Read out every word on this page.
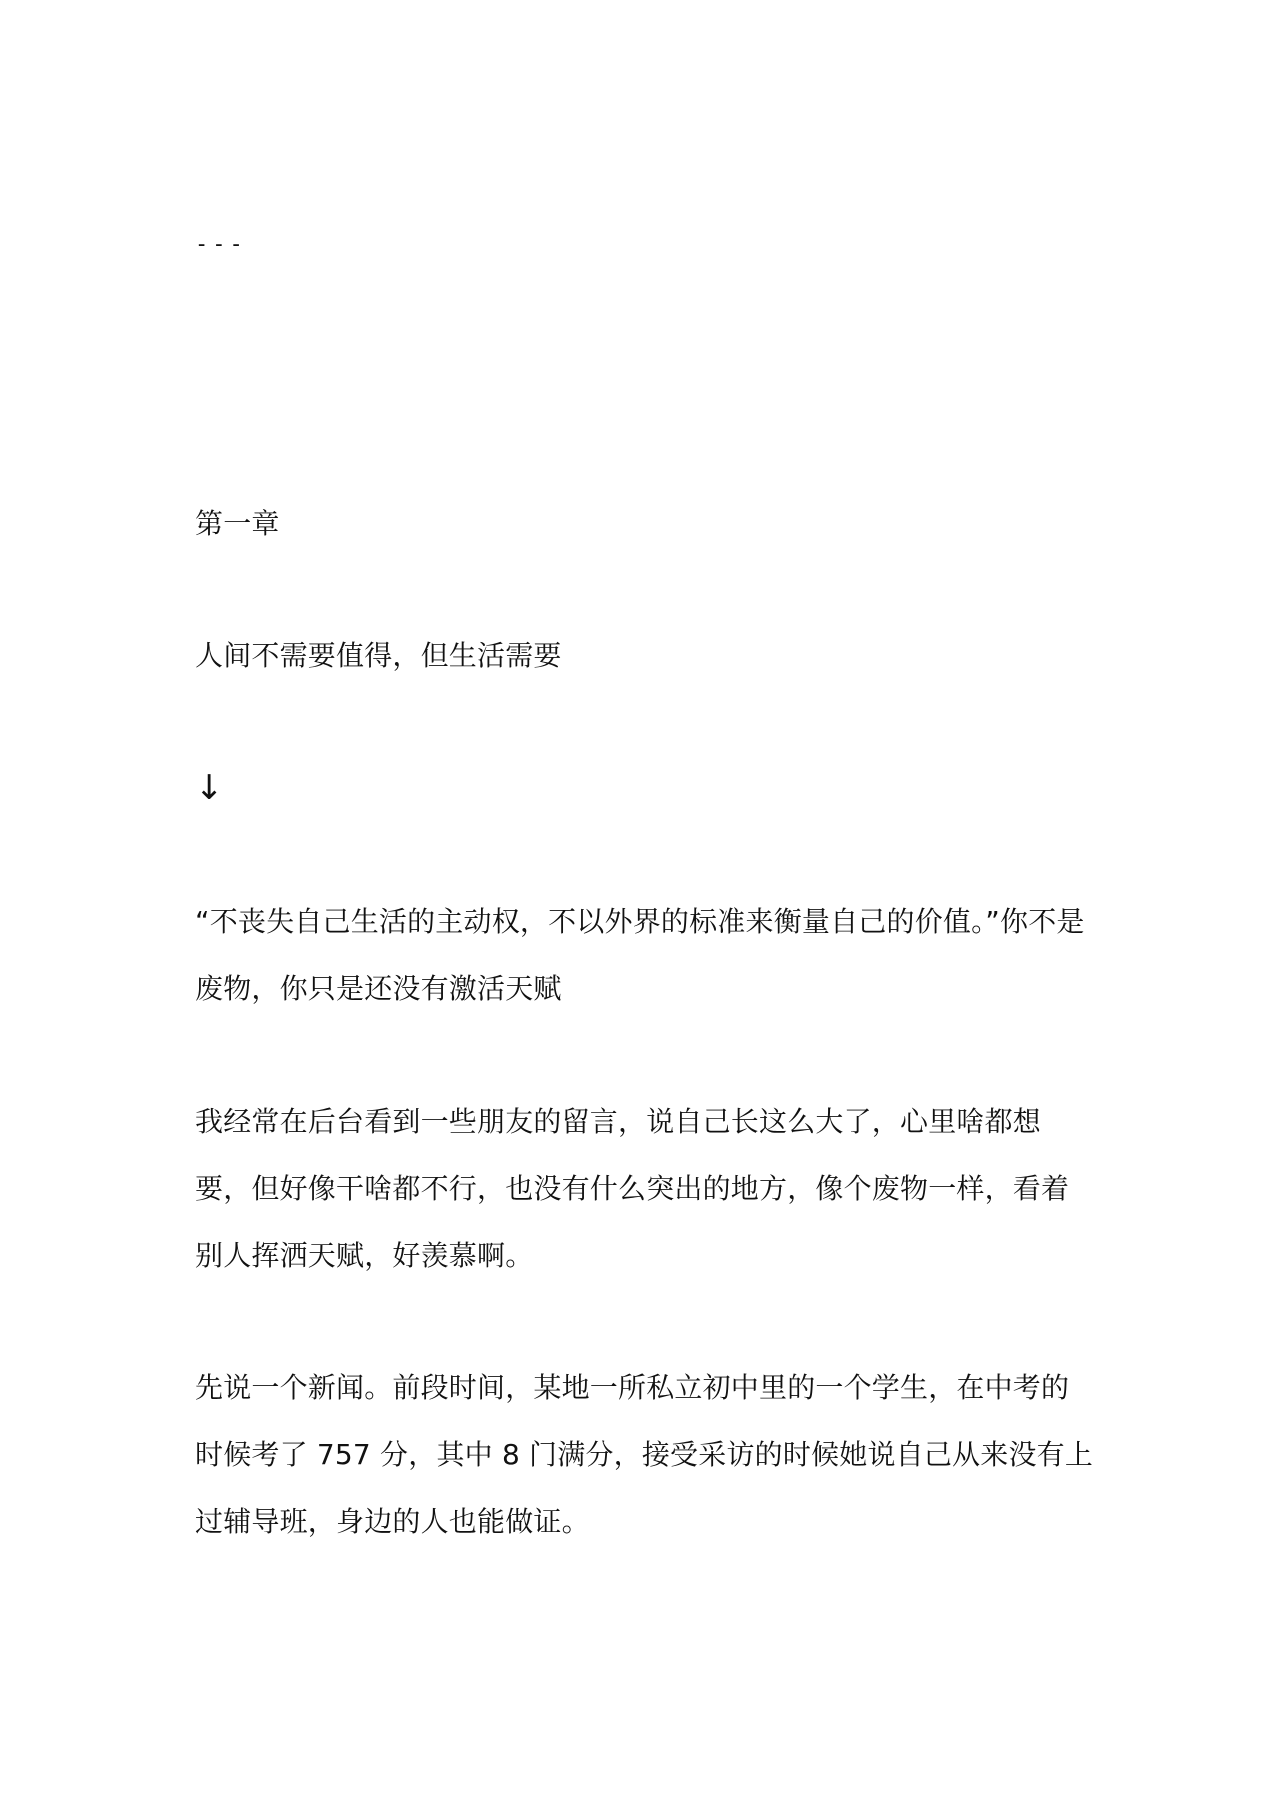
---
第一章
人间不需要值得，但生活需要
↓
“不丧失自己生活的主动权，不以外界的标准来衡量自己的价值。”你不是废物，你只是还没有激活天赋
我经常在后台看到一些朋友的留言，说自己长这么大了，心里啥都想要，但好像干啥都不行，也没有什么突出的地方，像个废物一样，看着别人挥洒天赋，好羡慕啊。
先说一个新闻。前段时间，某地一所私立初中里的一个学生，在中考的时候考了 757 分，其中 8 门满分，接受采访的时候她说自己从来没有上过辅导班，身边的人也能做证。
